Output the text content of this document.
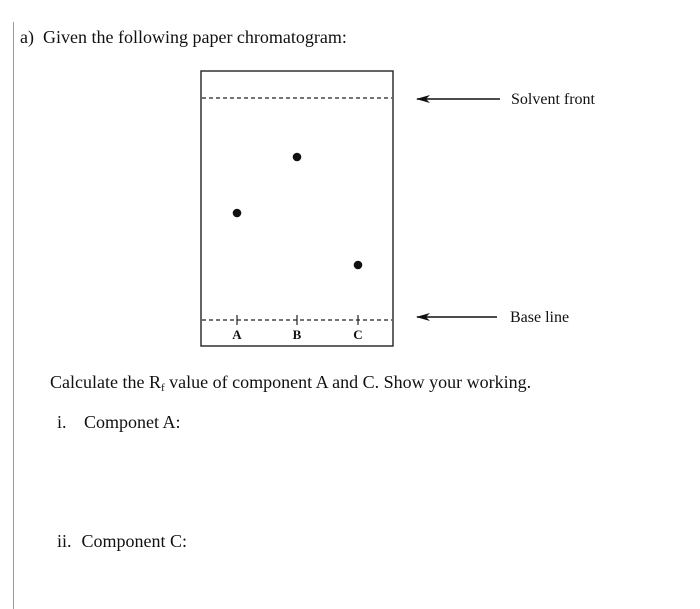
a) Given the following paper chromatogram:
A	B	C
Solvent front
Base line
Calculate the $R_f$ value of component A and C. Show your working.
i. Componet A:
ii. Component C:
